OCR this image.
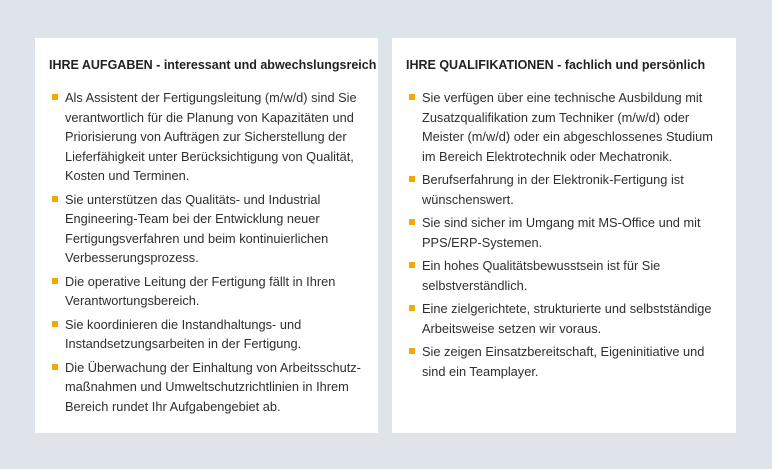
IHRE AUFGABEN - interessant und abwechslungsreich
Als Assistent der Fertigungsleitung (m/w/d) sind Sie verantwortlich für die Planung von Kapazitäten und Priorisierung von Aufträgen zur Sicherstellung der Lieferfähigkeit unter Berücksichtigung von Qualität, Kosten und Terminen.
Sie unterstützen das Qualitäts- und Industrial Engineering-Team bei der Entwicklung neuer Fertigungsverfahren und beim kontinuierlichen Verbesserungsprozess.
Die operative Leitung der Fertigung fällt in Ihren Verantwortungsbereich.
Sie koordinieren die Instandhaltungs- und Instandsetzungsarbeiten in der Fertigung.
Die Überwachung der Einhaltung von Arbeitsschutz-maßnahmen und Umweltschutzrichtlinien in Ihrem Bereich rundet Ihr Aufgabengebiet ab.
IHRE QUALIFIKATIONEN - fachlich und persönlich
Sie verfügen über eine technische Ausbildung mit Zusatzqualifikation zum Techniker (m/w/d) oder Meister (m/w/d) oder ein abgeschlossenes Studium im Bereich Elektrotechnik oder Mechatronik.
Berufserfahrung in der Elektronik-Fertigung ist wünschenswert.
Sie sind sicher im Umgang mit MS-Office und mit PPS/ERP-Systemen.
Ein hohes Qualitätsbewusstsein ist für Sie selbstverständlich.
Eine zielgerichtete, strukturierte und selbstständige Arbeitsweise setzen wir voraus.
Sie zeigen Einsatzbereitschaft, Eigeninitiative und sind ein Teamplayer.
